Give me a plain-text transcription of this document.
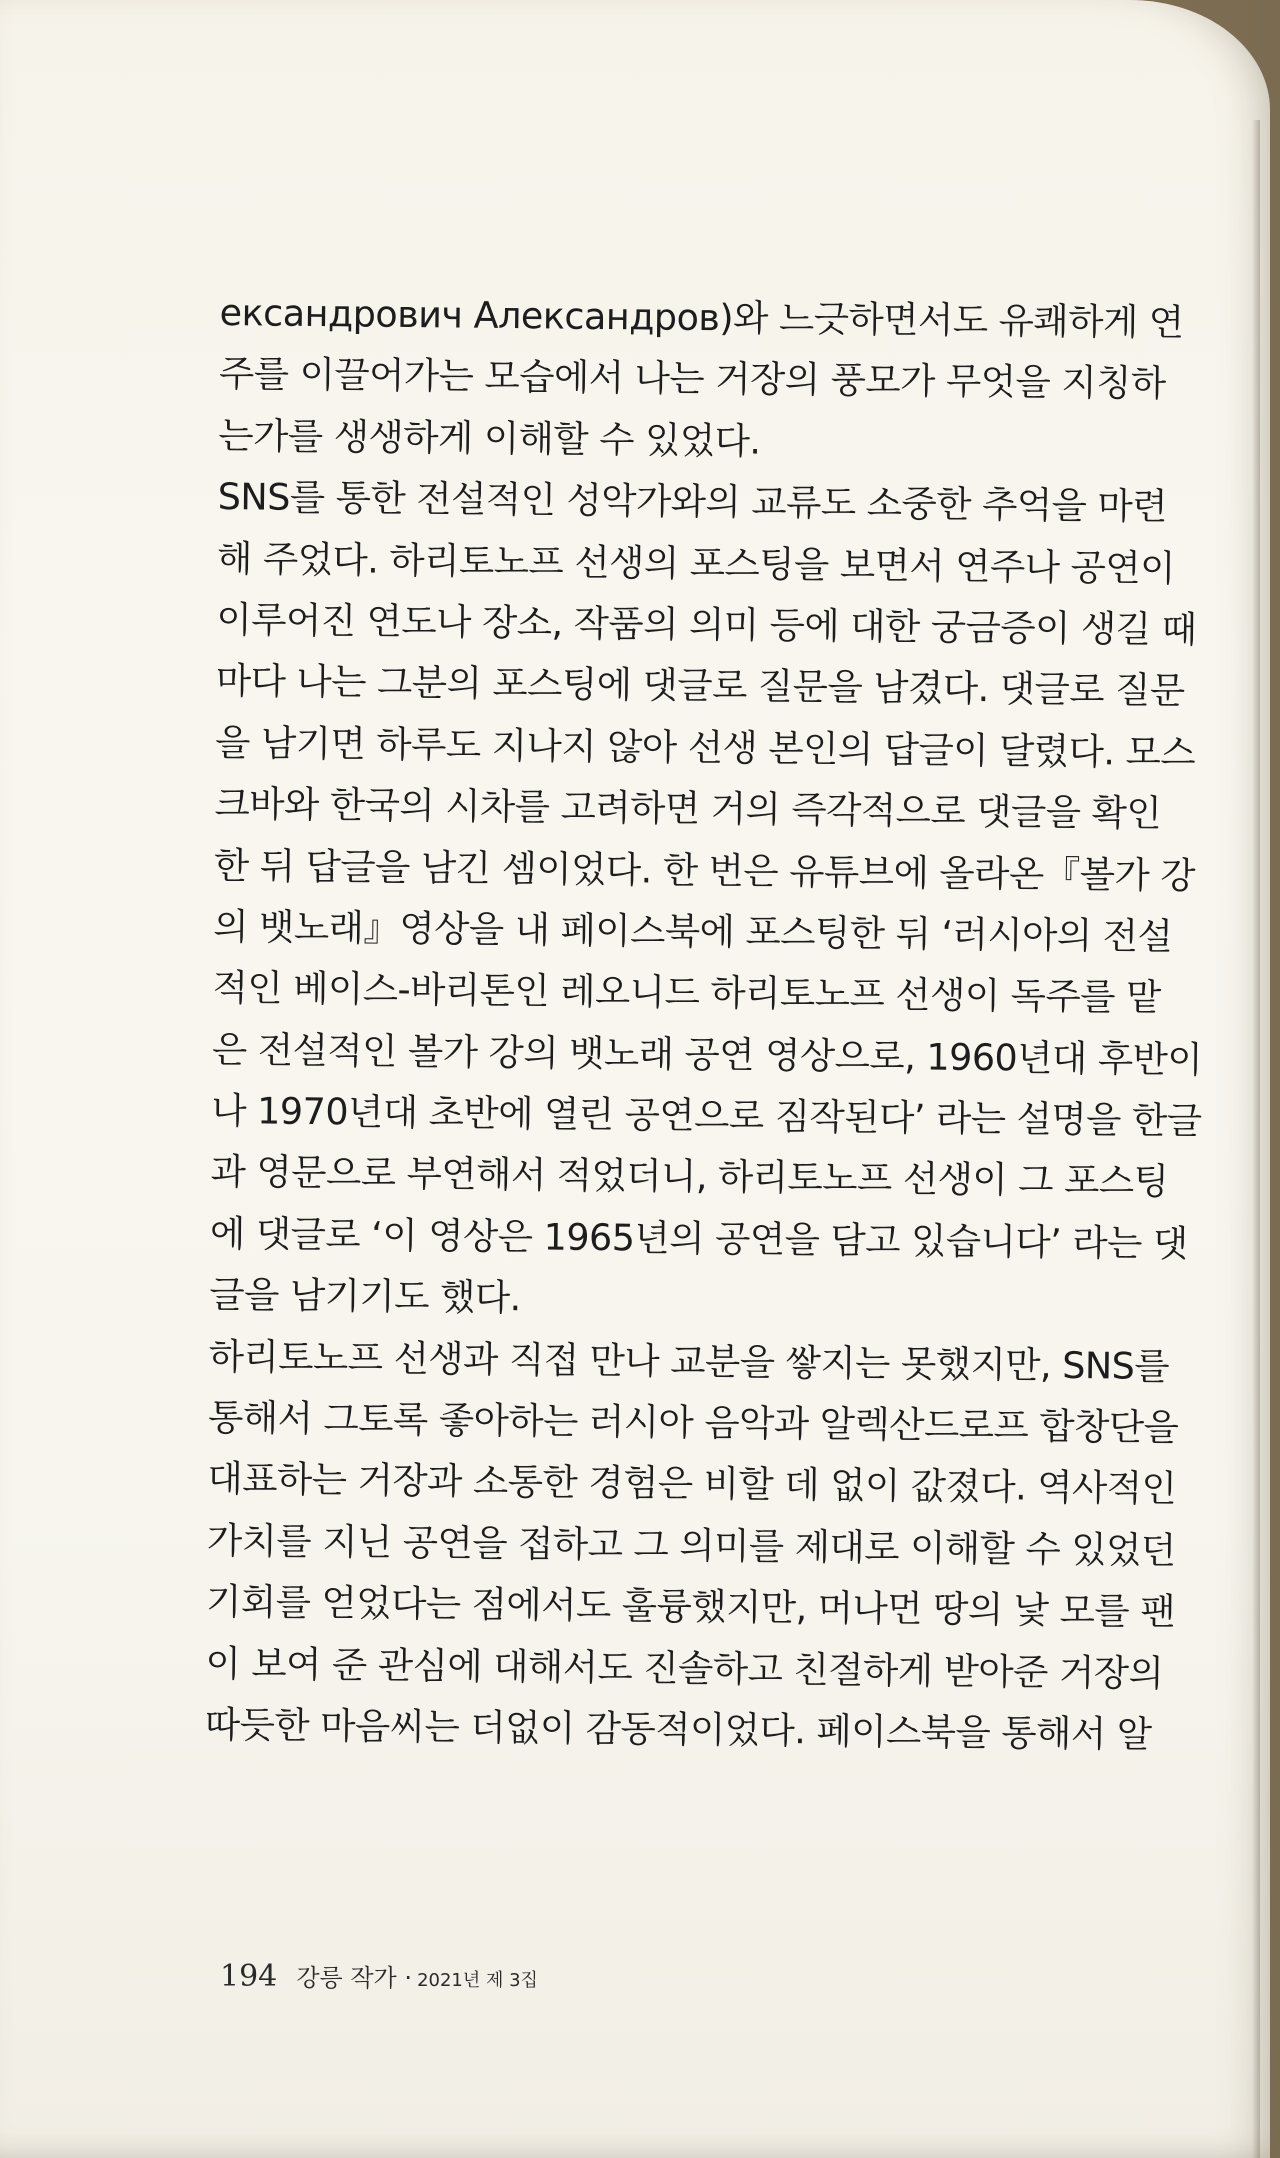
ександрович Александров)와 느긋하면서도 유쾌하게 연
주를 이끌어가는 모습에서 나는 거장의 풍모가 무엇을 지칭하
는가를 생생하게 이해할 수 있었다.
SNS를 통한 전설적인 성악가와의 교류도 소중한 추억을 마련
해 주었다. 하리토노프 선생의 포스팅을 보면서 연주나 공연이
이루어진 연도나 장소, 작품의 의미 등에 대한 궁금증이 생길 때
마다 나는 그분의 포스팅에 댓글로 질문을 남겼다. 댓글로 질문
을 남기면 하루도 지나지 않아 선생 본인의 답글이 달렸다. 모스
크바와 한국의 시차를 고려하면 거의 즉각적으로 댓글을 확인
한 뒤 답글을 남긴 셈이었다. 한 번은 유튜브에 올라온『볼가 강
의 뱃노래』영상을 내 페이스북에 포스팅한 뒤 ‘러시아의 전설
적인 베이스-바리톤인 레오니드 하리토노프 선생이 독주를 맡
은 전설적인 볼가 강의 뱃노래 공연 영상으로, 1960년대 후반이
나 1970년대 초반에 열린 공연으로 짐작된다’ 라는 설명을 한글
과 영문으로 부연해서 적었더니, 하리토노프 선생이 그 포스팅
에 댓글로 ‘이 영상은 1965년의 공연을 담고 있습니다’ 라는 댓
글을 남기기도 했다.
하리토노프 선생과 직접 만나 교분을 쌓지는 못했지만, SNS를
통해서 그토록 좋아하는 러시아 음악과 알렉산드로프 합창단을
대표하는 거장과 소통한 경험은 비할 데 없이 값졌다. 역사적인
가치를 지닌 공연을 접하고 그 의미를 제대로 이해할 수 있었던
기회를 얻었다는 점에서도 훌륭했지만, 머나먼 땅의 낯 모를 팬
이 보여 준 관심에 대해서도 진솔하고 친절하게 받아준 거장의
따듯한 마음씨는 더없이 감동적이었다. 페이스북을 통해서 알
194 강릉 작가 · 2021년 제 3집
